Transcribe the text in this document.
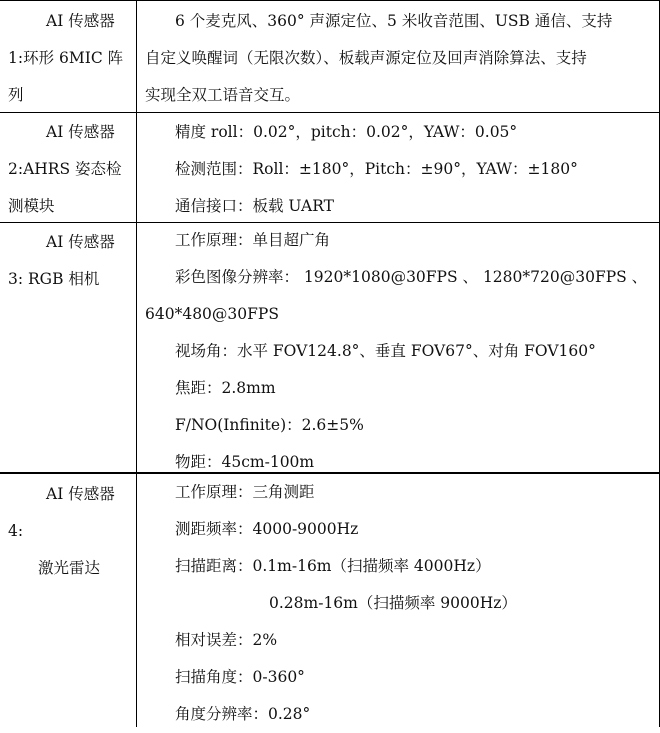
AI 传感器
1:环形 6MIC 阵
列
6 个麦克风、360° 声源定位、5 米收音范围、USB 通信、支持
自定义唤醒词（无限次数）、板载声源定位及回声消除算法、支持
实现全双工语音交互。
AI 传感器
2:AHRS 姿态检
测模块
精度 roll：0.02°，pitch：0.02°，YAW：0.05°
检测范围：Roll：±180°，Pitch：±90°，YAW：±180°
通信接口：板载 UART
AI 传感器
3: RGB 相机
工作原理：单目超广角
彩色图像分辨率： 1920*1080@30FPS 、 1280*720@30FPS 、
640*480@30FPS
视场角：水平 FOV124.8°、垂直 FOV67°、对角 FOV160°
焦距：2.8mm
F/NO(Infinite)：2.6±5%
物距：45cm-100m
AI 传感器
4:
激光雷达
工作原理：三角测距
测距频率：4000-9000Hz
扫描距离：0.1m-16m（扫描频率 4000Hz）
0.28m-16m（扫描频率 9000Hz）
相对误差：2%
扫描角度：0-360°
角度分辨率：0.28°
